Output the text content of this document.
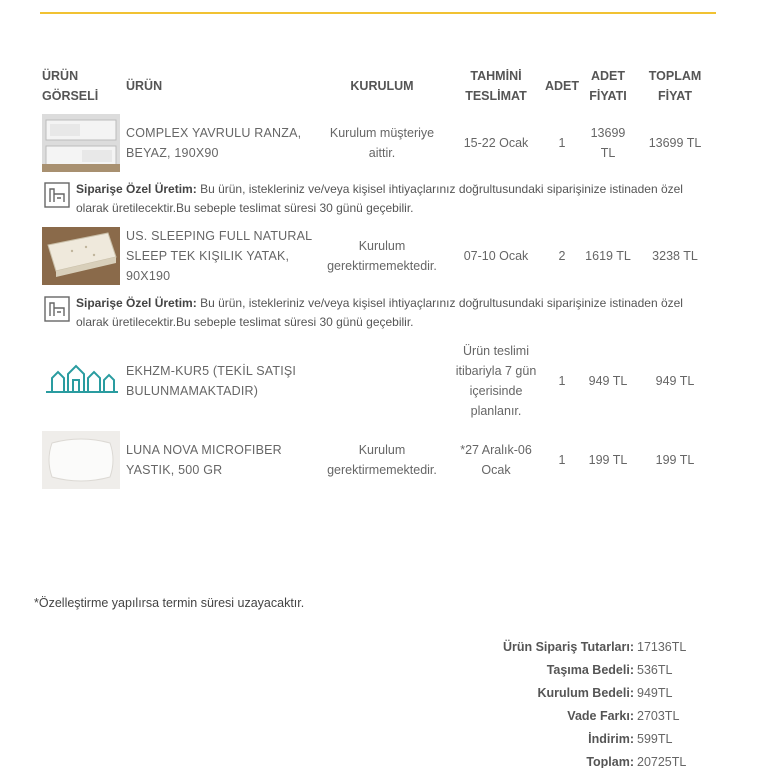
ÜRÜN GÖRSELİ	ÜRÜN	KURULUM	TAHMİNİ TESLİMAT	ADET	ADET FİYATI	TOPLAM FİYAT

	COMPLEX YAVRULU RANZA, BEYAZ, 190X90	Kurulum müşteriye aittir.	15-22 Ocak	1	13699 TL	13699 TL

Siparişe Özel Üretim: Bu ürün, istekleriniz ve/veya kişisel ihtiyaçlarınız doğrultusundaki siparişinize istinaden özel olarak üretilecektir.Bu sebeple teslimat süresi 30 günü geçebilir.						

	US. SLEEPING FULL NATURAL SLEEP TEK KIŞILIK YATAK, 90X190	Kurulum gerektirmemektedir.	07-10 Ocak	2	1619 TL	3238 TL

Siparişe Özel Üretim: Bu ürün, istekleriniz ve/veya kişisel ihtiyaçlarınız doğrultusundaki siparişinize istinaden özel olarak üretilecektir.Bu sebeple teslimat süresi 30 günü geçebilir.						

	EKHZM-KUR5 (TEKİL SATIŞI BULUNMAMAKTADIR)		Ürün teslimi itibariyla 7 gün içerisinde planlanır.	1	949 TL	949 TL

	LUNA NOVA MICROFIBER YASTIK, 500 GR	Kurulum gerektirmemektedir.	*27 Aralık-06 Ocak	1	199 TL	199 TL
*Özelleştirme yapılırsa termin süresi uzayacaktır.
Ürün Sipariş Tutarları: 17136TL
Taşıma Bedeli: 536TL
Kurulum Bedeli: 949TL
Vade Farkı: 2703TL
İndirim: 599TL
Toplam: 20725TL
